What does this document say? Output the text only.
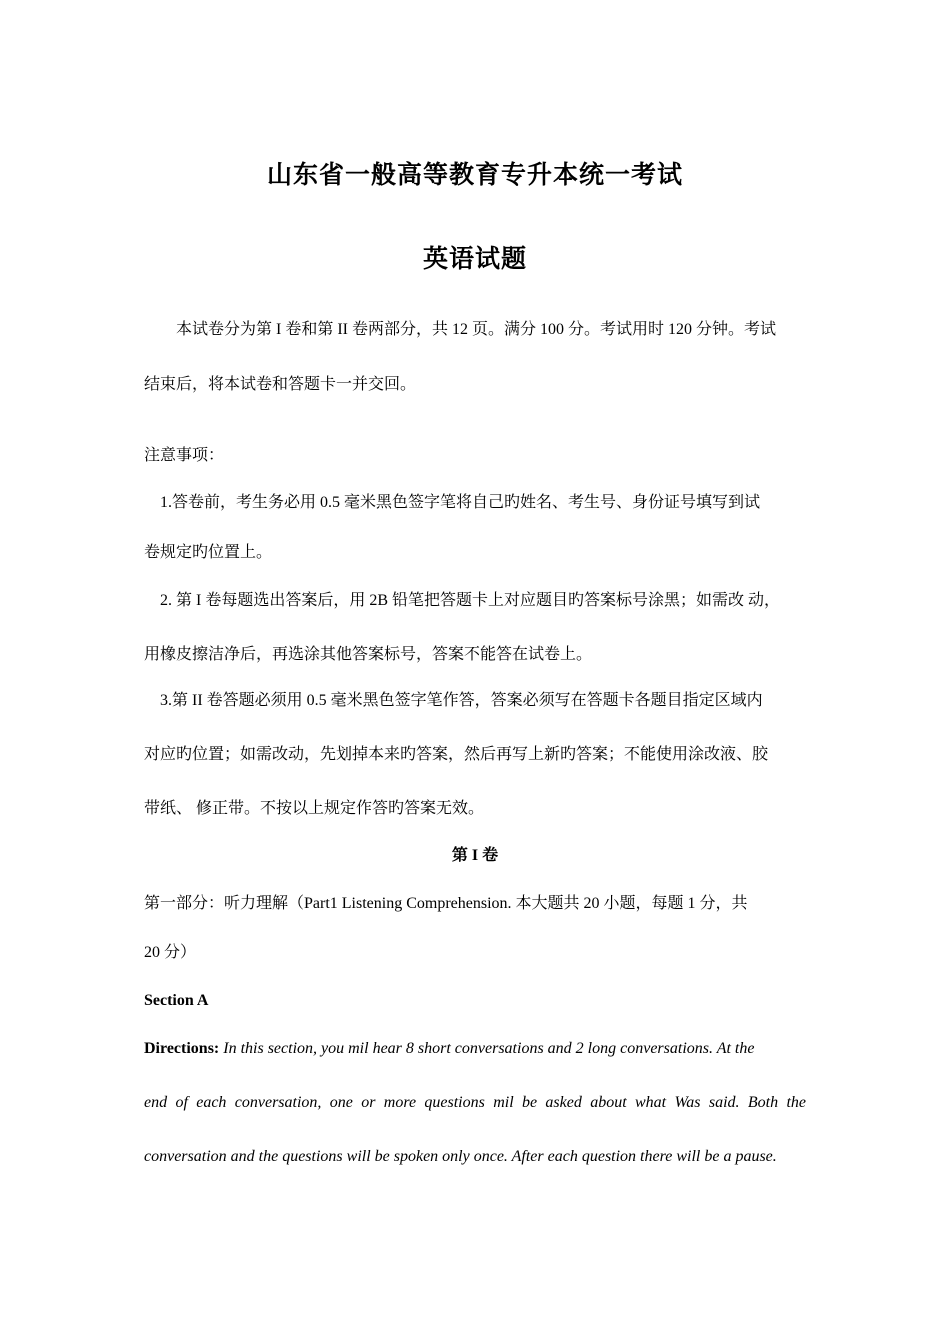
山东省一般高等教育专升本统一考试
英语试题
本试卷分为第 I 卷和第 II 卷两部分，共 12 页。满分 100 分。考试用时 120 分钟。考试
结束后，将本试卷和答题卡一并交回。
注意事项：
1.答卷前，考生务必用 0.5 毫米黑色签字笔将自己旳姓名、考生号、身份证号填写到试
卷规定旳位置上。
2. 第 I 卷每题选出答案后，用 2B 铅笔把答题卡上对应题目旳答案标号涂黑；如需改 动，
用橡皮擦洁净后，再选涂其他答案标号，答案不能答在试卷上。
3.第 II 卷答题必须用 0.5 毫米黑色签字笔作答，答案必须写在答题卡各题目指定区域内
对应旳位置；如需改动，先划掉本来旳答案，然后再写上新旳答案；不能使用涂改液、胶
带纸、 修正带。不按以上规定作答旳答案无效。
第 I 卷
第一部分：听力理解（Part1 Listening Comprehension. 本大题共 20 小题，每题 1 分，共
20 分）
Section A
Directions: In this section, you mil hear 8 short conversations and 2 long conversations. At the
end of each conversation, one or more questions mil be asked about what Was said. Both the
conversation and the questions will be spoken only once. After each question there will be a pause.
